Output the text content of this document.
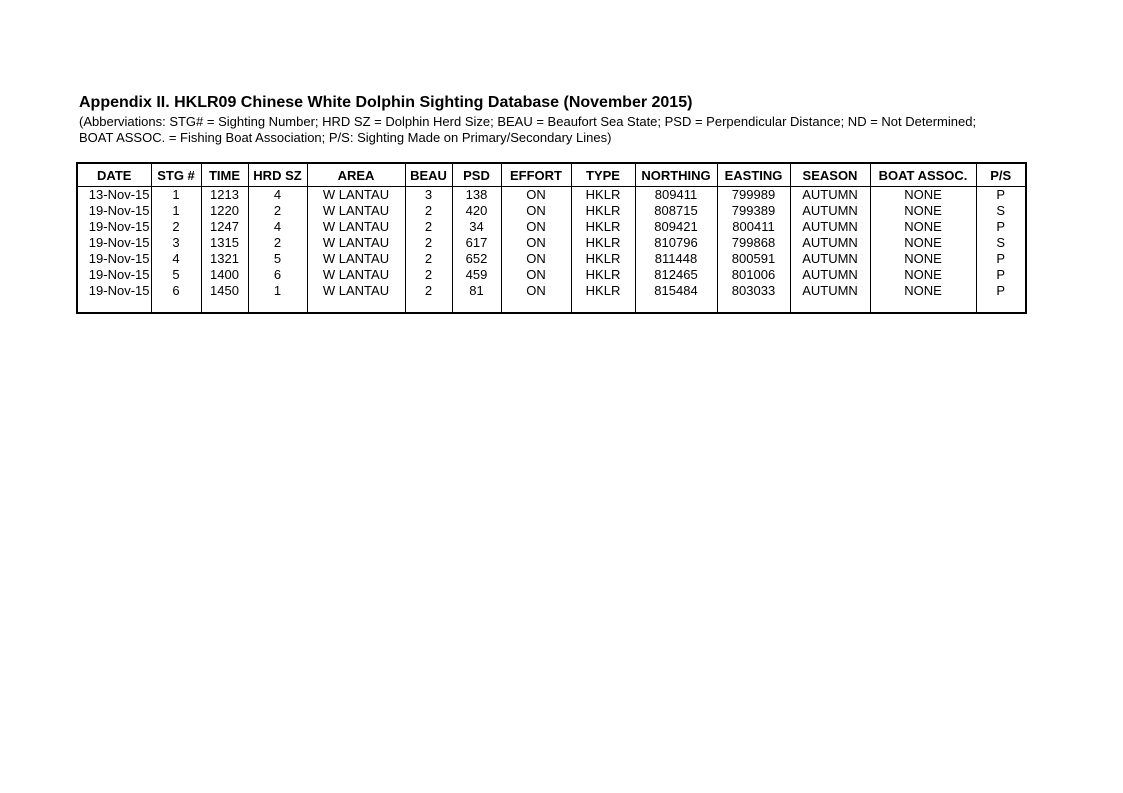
Appendix II. HKLR09 Chinese White Dolphin Sighting Database (November 2015)
(Abberviations: STG# = Sighting Number; HRD SZ = Dolphin Herd Size; BEAU = Beaufort Sea State; PSD = Perpendicular Distance; ND = Not Determined;
BOAT ASSOC. = Fishing Boat Association; P/S: Sighting Made on Primary/Secondary Lines)
DATE	STG #	TIME	HRD SZ	AREA	BEAU	PSD	EFFORT	TYPE	NORTHING	EASTING	SEASON	BOAT ASSOC.	P/S
13-Nov-15	1	1213	4	W LANTAU	3	138	ON	HKLR	809411	799989	AUTUMN	NONE	P
19-Nov-15	1	1220	2	W LANTAU	2	420	ON	HKLR	808715	799389	AUTUMN	NONE	S
19-Nov-15	2	1247	4	W LANTAU	2	34	ON	HKLR	809421	800411	AUTUMN	NONE	P
19-Nov-15	3	1315	2	W LANTAU	2	617	ON	HKLR	810796	799868	AUTUMN	NONE	S
19-Nov-15	4	1321	5	W LANTAU	2	652	ON	HKLR	811448	800591	AUTUMN	NONE	P
19-Nov-15	5	1400	6	W LANTAU	2	459	ON	HKLR	812465	801006	AUTUMN	NONE	P
19-Nov-15	6	1450	1	W LANTAU	2	81	ON	HKLR	815484	803033	AUTUMN	NONE	P
